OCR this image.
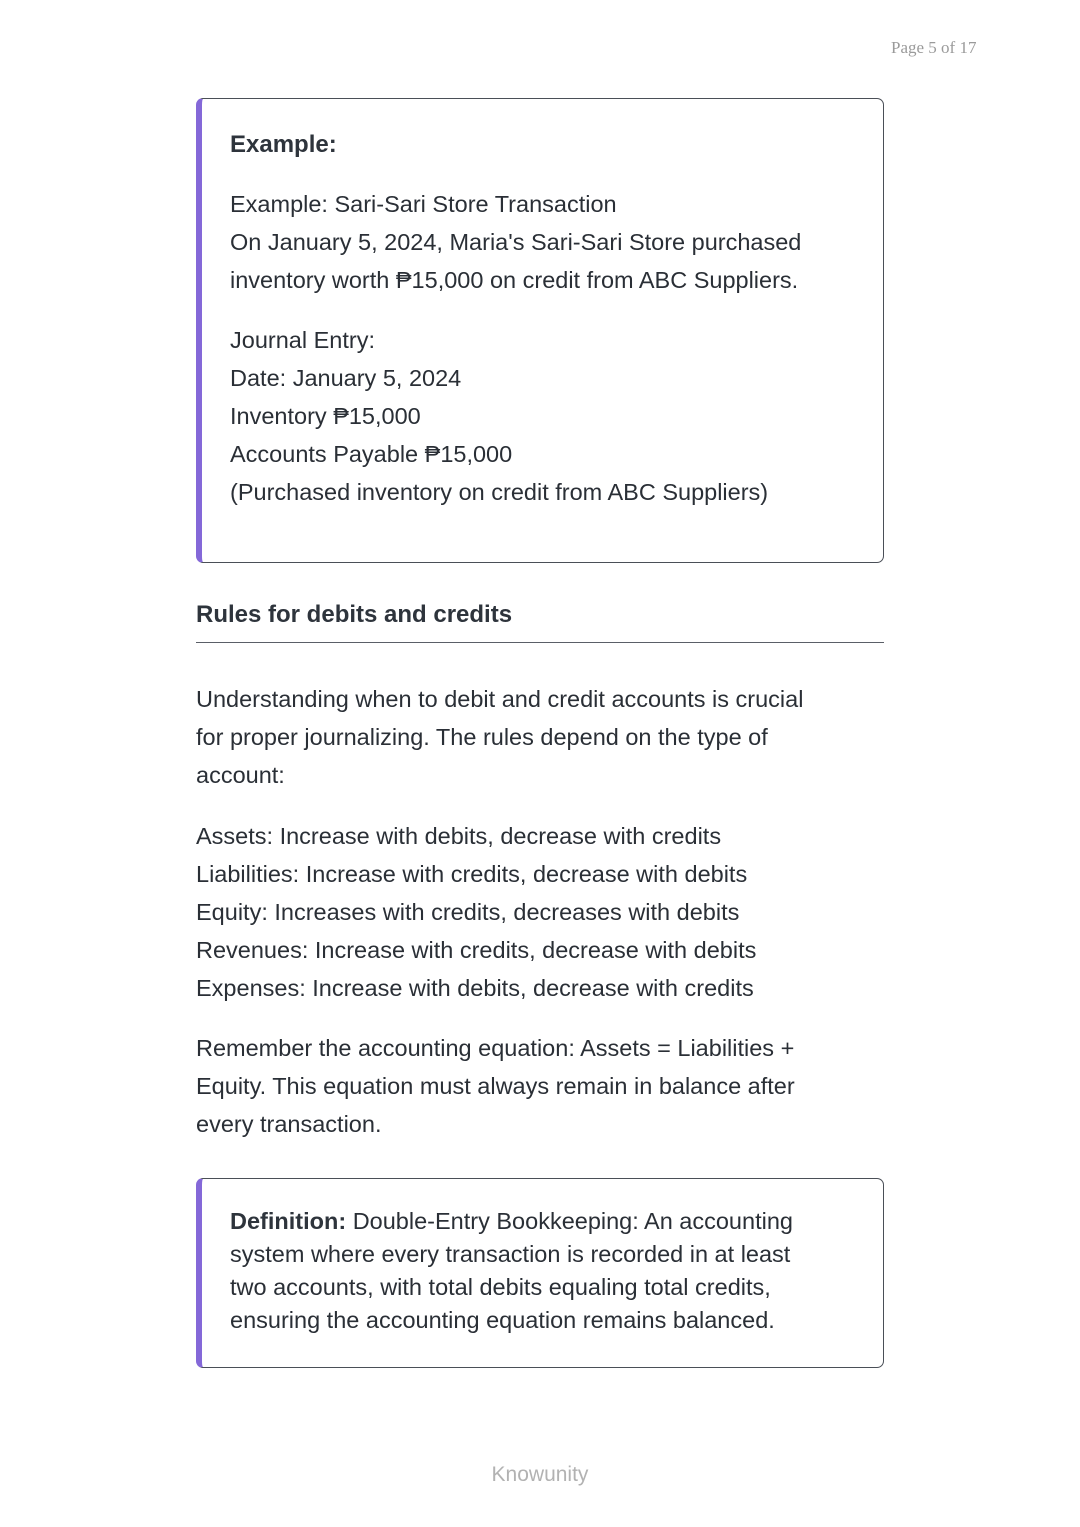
Page 5 of 17
Example:
Example: Sari-Sari Store Transaction
On January 5, 2024, Maria's Sari-Sari Store purchased
inventory worth ₱15,000 on credit from ABC Suppliers.
Journal Entry:
Date: January 5, 2024
Inventory ₱15,000
Accounts Payable ₱15,000
(Purchased inventory on credit from ABC Suppliers)
Rules for debits and credits
Understanding when to debit and credit accounts is crucial
for proper journalizing. The rules depend on the type of
account:
Assets: Increase with debits, decrease with credits
Liabilities: Increase with credits, decrease with debits
Equity: Increases with credits, decreases with debits
Revenues: Increase with credits, decrease with debits
Expenses: Increase with debits, decrease with credits
Remember the accounting equation: Assets = Liabilities +
Equity. This equation must always remain in balance after
every transaction.
Definition: Double-Entry Bookkeeping: An accounting
system where every transaction is recorded in at least
two accounts, with total debits equaling total credits,
ensuring the accounting equation remains balanced.
Knowunity
